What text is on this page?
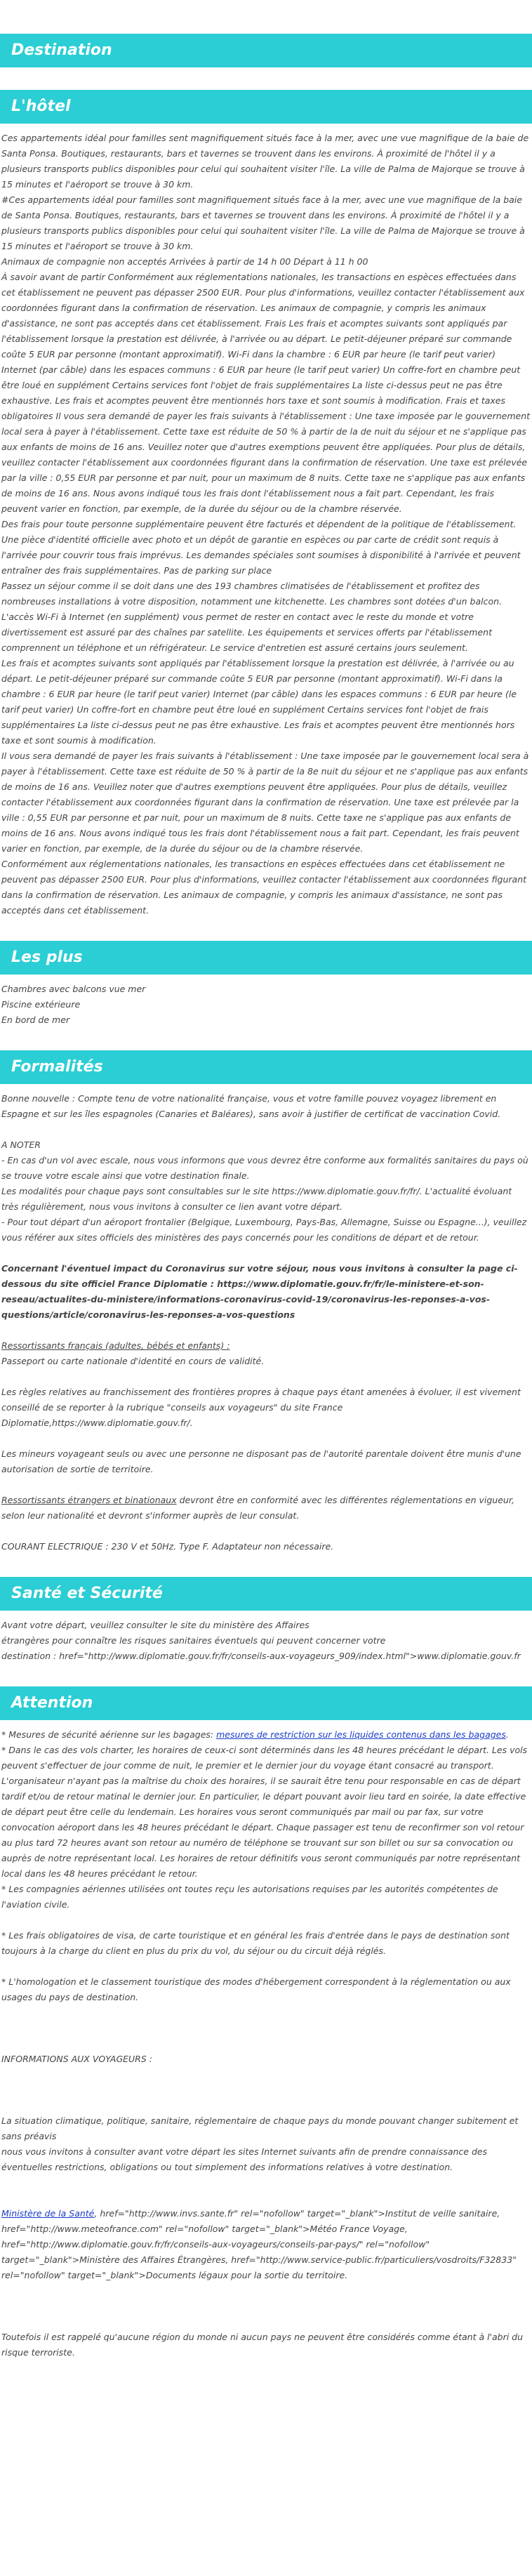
Destination
L'hôtel
Ces appartements idéal pour familles sent magnifiquement situés face à la mer, avec une vue magnifique de la baie de Santa Ponsa. Boutiques, restaurants, bars et tavernes se trouvent dans les environs. À proximité de l'hôtel il y a plusieurs transports publics disponibles pour celui qui souhaitent visiter l'île. La ville de Palma de Majorque se trouve à 15 minutes et l'aéroport se trouve à 30 km.
#Ces appartements idéal pour familles sont magnifiquement situés face à la mer, avec une vue magnifique de la baie de Santa Ponsa. Boutiques, restaurants, bars et tavernes se trouvent dans les environs. À proximité de l'hôtel il y a plusieurs transports publics disponibles pour celui qui souhaitent visiter l'île. La ville de Palma de Majorque se trouve à 15 minutes et l'aéroport se trouve à 30 km.
Animaux de compagnie non acceptés Arrivées à partir de 14 h 00 Départ à 11 h 00
À savoir avant de partir Conformément aux réglementations nationales, les transactions en espèces effectuées dans cet établissement ne peuvent pas dépasser 2500 EUR. Pour plus d'informations, veuillez contacter l'établissement aux coordonnées figurant dans la confirmation de réservation. Les animaux de compagnie, y compris les animaux d'assistance, ne sont pas acceptés dans cet établissement. Frais Les frais et acomptes suivants sont appliqués par l'établissement lorsque la prestation est délivrée, à l'arrivée ou au départ. Le petit-déjeuner préparé sur commande coûte 5 EUR par personne (montant approximatif). Wi-Fi dans la chambre : 6 EUR par heure (le tarif peut varier) Internet (par câble) dans les espaces communs : 6 EUR par heure (le tarif peut varier) Un coffre-fort en chambre peut être loué en supplément Certains services font l'objet de frais supplémentaires La liste ci-dessus peut ne pas être exhaustive. Les frais et acomptes peuvent être mentionnés hors taxe et sont soumis à modification. Frais et taxes obligatoires Il vous sera demandé de payer les frais suivants à l'établissement : Une taxe imposée par le gouvernement local sera à payer à l'établissement. Cette taxe est réduite de 50 % à partir de la de nuit du séjour et ne s'applique pas aux enfants de moins de 16 ans. Veuillez noter que d'autres exemptions peuvent être appliquées. Pour plus de détails, veuillez contacter l'établissement aux coordonnées figurant dans la confirmation de réservation. Une taxe est prélevée par la ville : 0,55 EUR par personne et par nuit, pour un maximum de 8 nuits. Cette taxe ne s'applique pas aux enfants de moins de 16 ans. Nous avons indiqué tous les frais dont l'établissement nous a fait part. Cependant, les frais peuvent varier en fonction, par exemple, de la durée du séjour ou de la chambre réservée.
Des frais pour toute personne supplémentaire peuvent être facturés et dépendent de la politique de l'établissement. Une pièce d'identité officielle avec photo et un dépôt de garantie en espèces ou par carte de crédit sont requis à l'arrivée pour couvrir tous frais imprévus. Les demandes spéciales sont soumises à disponibilité à l'arrivée et peuvent entraîner des frais supplémentaires. Pas de parking sur place
Passez un séjour comme il se doit dans une des 193 chambres climatisées de l'établissement et profitez des nombreuses installations à votre disposition, notamment une kitchenette. Les chambres sont dotées d'un balcon. L'accès Wi-Fi à Internet (en supplément) vous permet de rester en contact avec le reste du monde et votre divertissement est assuré par des chaînes par satellite. Les équipements et services offerts par l'établissement comprennent un téléphone et un réfrigérateur. Le service d'entretien est assuré certains jours seulement.
Les frais et acomptes suivants sont appliqués par l'établissement lorsque la prestation est délivrée, à l'arrivée ou au départ. Le petit-déjeuner préparé sur commande coûte 5 EUR par personne (montant approximatif). Wi-Fi dans la chambre : 6 EUR par heure (le tarif peut varier) Internet (par câble) dans les espaces communs : 6 EUR par heure (le tarif peut varier) Un coffre-fort en chambre peut être loué en supplément Certains services font l'objet de frais supplémentaires La liste ci-dessus peut ne pas être exhaustive. Les frais et acomptes peuvent être mentionnés hors taxe et sont soumis à modification.
Il vous sera demandé de payer les frais suivants à l'établissement : Une taxe imposée par le gouvernement local sera à payer à l'établissement. Cette taxe est réduite de 50 % à partir de la 8e nuit du séjour et ne s'applique pas aux enfants de moins de 16 ans. Veuillez noter que d'autres exemptions peuvent être appliquées. Pour plus de détails, veuillez contacter l'établissement aux coordonnées figurant dans la confirmation de réservation. Une taxe est prélevée par la ville : 0,55 EUR par personne et par nuit, pour un maximum de 8 nuits. Cette taxe ne s'applique pas aux enfants de moins de 16 ans. Nous avons indiqué tous les frais dont l'établissement nous a fait part. Cependant, les frais peuvent varier en fonction, par exemple, de la durée du séjour ou de la chambre réservée.
Conformément aux réglementations nationales, les transactions en espèces effectuées dans cet établissement ne peuvent pas dépasser 2500 EUR. Pour plus d'informations, veuillez contacter l'établissement aux coordonnées figurant dans la confirmation de réservation. Les animaux de compagnie, y compris les animaux d'assistance, ne sont pas acceptés dans cet établissement.
Les plus
Chambres avec balcons vue mer
Piscine extérieure
En bord de mer
Formalités
Bonne nouvelle : Compte tenu de votre nationalité française, vous et votre famille pouvez voyagez librement en Espagne et sur les îles espagnoles (Canaries et Baléares), sans avoir à justifier de certificat de vaccination Covid.
A NOTER
- En cas d'un vol avec escale, nous vous informons que vous devrez être conforme aux formalités sanitaires du pays où se trouve votre escale ainsi que votre destination finale.
Les modalités pour chaque pays sont consultables sur le site https://www.diplomatie.gouv.fr/fr/. L'actualité évoluant très régulièrement, nous vous invitons à consulter ce lien avant votre départ.
- Pour tout départ d'un aéroport frontalier (Belgique, Luxembourg, Pays-Bas, Allemagne, Suisse ou Espagne...), veuillez vous référer aux sites officiels des ministères des pays concernés pour les conditions de départ et de retour.
Concernant l'éventuel impact du Coronavirus sur votre séjour, nous vous invitons à consulter la page ci-dessous du site officiel France Diplomatie : https://www.diplomatie.gouv.fr/fr/le-ministere-et-son-reseau/actualites-du-ministere/informations-coronavirus-covid-19/coronavirus-les-reponses-a-vos-questions/article/coronavirus-les-reponses-a-vos-questions
Ressortissants français (adultes, bébés et enfants) :
Passeport ou carte nationale d'identité en cours de validité.
Les règles relatives au franchissement des frontières propres à chaque pays étant amenées à évoluer, il est vivement conseillé de se reporter à la rubrique "conseils aux voyageurs" du site France Diplomatie,https://www.diplomatie.gouv.fr/.
Les mineurs voyageant seuls ou avec une personne ne disposant pas de l'autorité parentale doivent être munis d'une autorisation de sortie de territoire.
Ressortissants étrangers et binationaux devront être en conformité avec les différentes réglementations en vigueur, selon leur nationalité et devront s'informer auprès de leur consulat.
COURANT ELECTRIQUE : 230 V et 50Hz. Type F. Adaptateur non nécessaire.
Santé et Sécurité
Avant votre départ, veuillez consulter le site du ministère des Affaires
étrangères pour connaître les risques sanitaires éventuels qui peuvent concerner votre
destination : href="http://www.diplomatie.gouv.fr/fr/conseils-aux-voyageurs_909/index.html">www.diplomatie.gouv.fr
Attention
* Mesures de sécurité aérienne sur les bagages: mesures de restriction sur les liquides contenus dans les bagages.
* Dans le cas des vols charter, les horaires de ceux-ci sont déterminés dans les 48 heures précédant le départ. Les vols peuvent s'effectuer de jour comme de nuit, le premier et le dernier jour du voyage étant consacré au transport. L'organisateur n'ayant pas la maîtrise du choix des horaires, il se saurait être tenu pour responsable en cas de départ tardif et/ou de retour matinal le dernier jour. En particulier, le départ pouvant avoir lieu tard en soirée, la date effective de départ peut être celle du lendemain. Les horaires vous seront communiqués par mail ou par fax, sur votre convocation aéroport dans les 48 heures précédant le départ. Chaque passager est tenu de reconfirmer son vol retour au plus tard 72 heures avant son retour au numéro de téléphone se trouvant sur son billet ou sur sa convocation ou auprès de notre représentant local. Les horaires de retour définitifs vous seront communiqués par notre représentant local dans les 48 heures précédant le retour.
* Les compagnies aériennes utilisées ont toutes reçu les autorisations requises par les autorités compétentes de l'aviation civile.
* Les frais obligatoires de visa, de carte touristique et en général les frais d'entrée dans le pays de destination sont toujours à la charge du client en plus du prix du vol, du séjour ou du circuit déjà réglés.
* L'homologation et le classement touristique des modes d'hébergement correspondent à la réglementation ou aux usages du pays de destination.
INFORMATIONS AUX VOYAGEURS :
La situation climatique, politique, sanitaire, réglementaire de chaque pays du monde pouvant changer subitement et sans préavis
nous vous invitons à consulter avant votre départ les sites Internet suivants afin de prendre connaissance des éventuelles restrictions, obligations ou tout simplement des informations relatives à votre destination.
Ministère de la Santé, href="http://www.invs.sante.fr" rel="nofollow" target="_blank">Institut de veille sanitaire, href="http://www.meteofrance.com" rel="nofollow" target="_blank">Météo France Voyage, href="http://www.diplomatie.gouv.fr/fr/conseils-aux-voyageurs/conseils-par-pays/" rel="nofollow" target="_blank">Ministère des Affaires Étrangères, href="http://www.service-public.fr/particuliers/vosdroits/F32833" rel="nofollow" target="_blank">Documents légaux pour la sortie du territoire.
Toutefois il est rappelé qu'aucune région du monde ni aucun pays ne peuvent être considérés comme étant à l'abri du risque terroriste.
